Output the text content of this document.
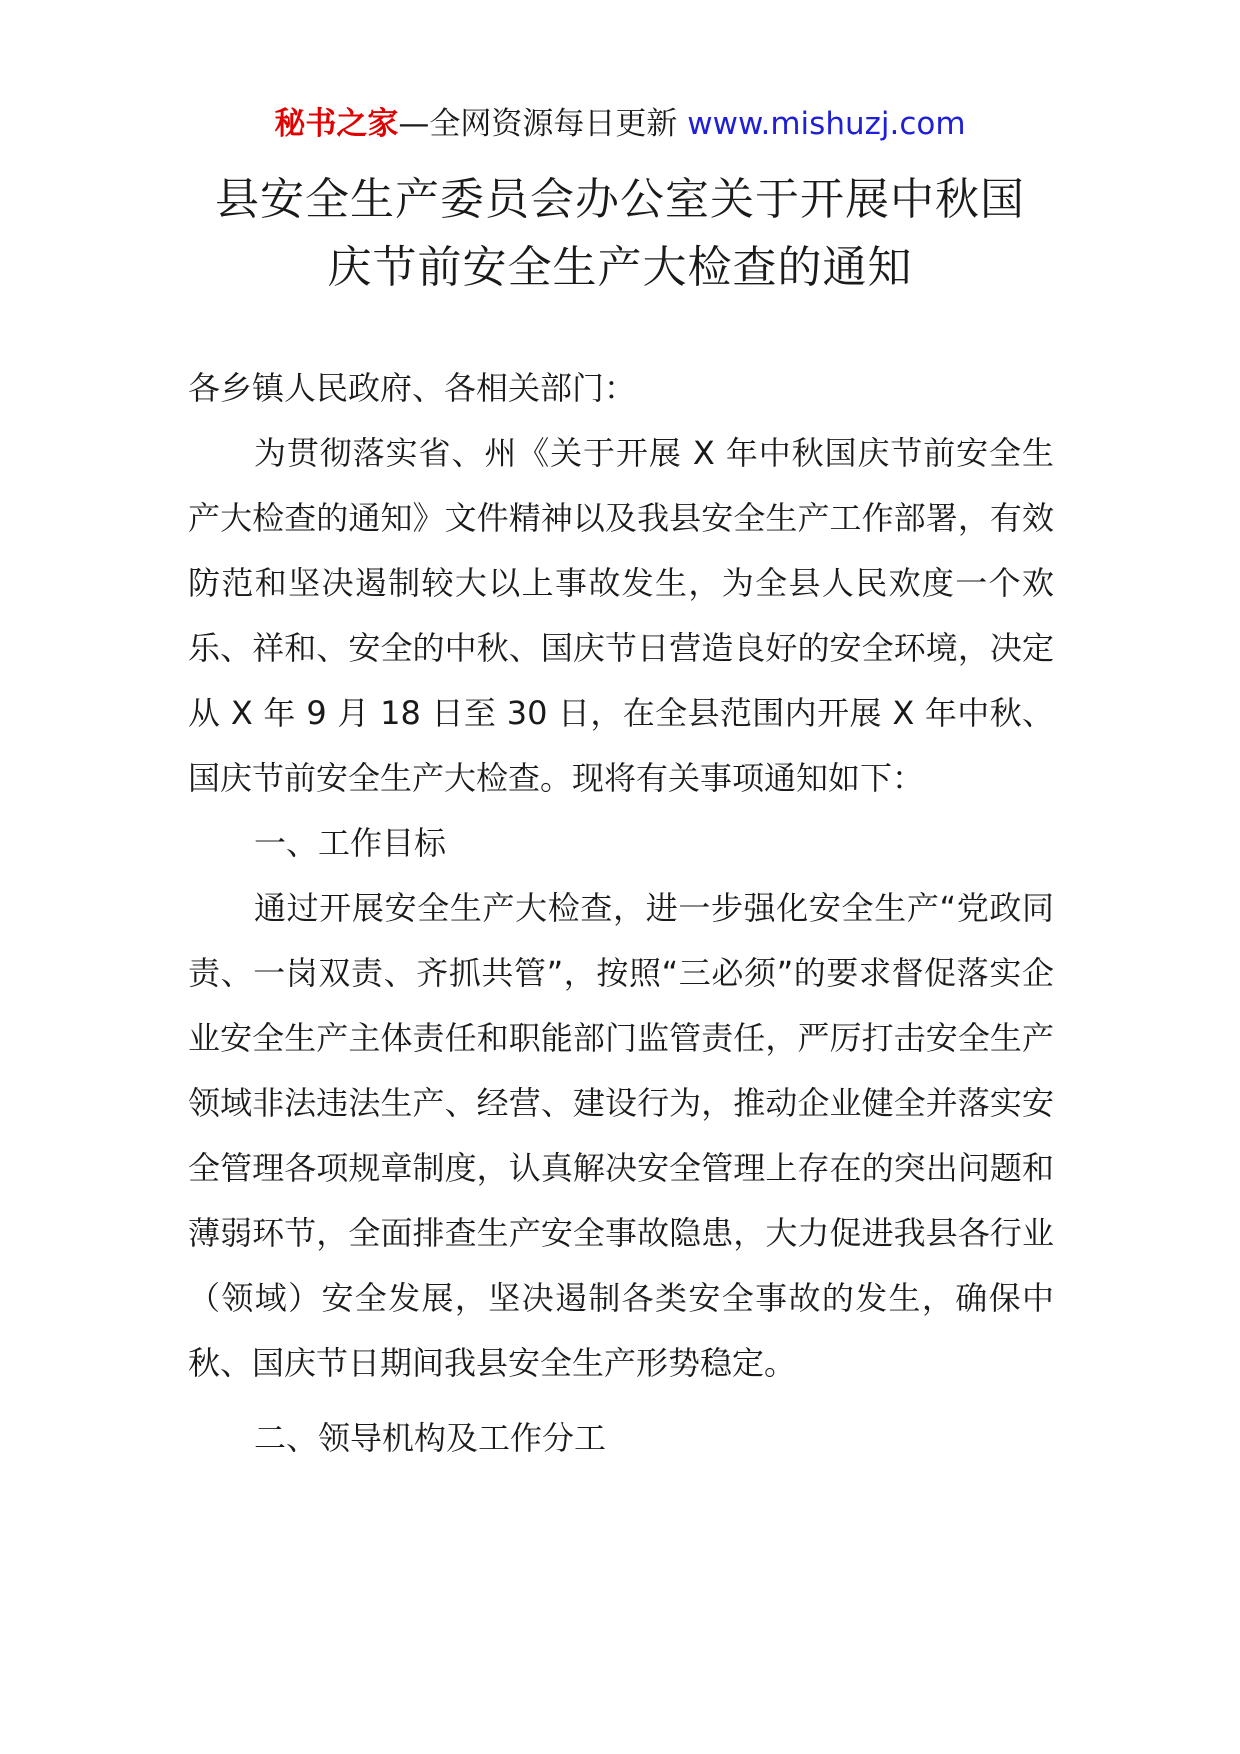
秘书之家—全网资源每日更新 www.mishuzj.com
县安全生产委员会办公室关于开展中秋国
庆节前安全生产大检查的通知

各乡镇人民政府、各相关部门：

为贯彻落实省、州《关于开展 X 年中秋国庆节前安全生产大检查的通知》文件精神以及我县安全生产工作部署，有效防范和坚决遏制较大以上事故发生，为全县人民欢度一个欢乐、祥和、安全的中秋、国庆节日营造良好的安全环境，决定从 X 年 9 月 18 日至 30 日，在全县范围内开展 X 年中秋、国庆节前安全生产大检查。现将有关事项通知如下：

一、工作目标

通过开展安全生产大检查，进一步强化安全生产“党政同责、一岗双责、齐抓共管”，按照“三必须”的要求督促落实企业安全生产主体责任和职能部门监管责任，严厉打击安全生产领域非法违法生产、经营、建设行为，推动企业健全并落实安全管理各项规章制度，认真解决安全管理上存在的突出问题和薄弱环节，全面排查生产安全事故隐患，大力促进我县各行业（领域）安全发展，坚决遏制各类安全事故的发生，确保中秋、国庆节日期间我县安全生产形势稳定。

二、领导机构及工作分工
